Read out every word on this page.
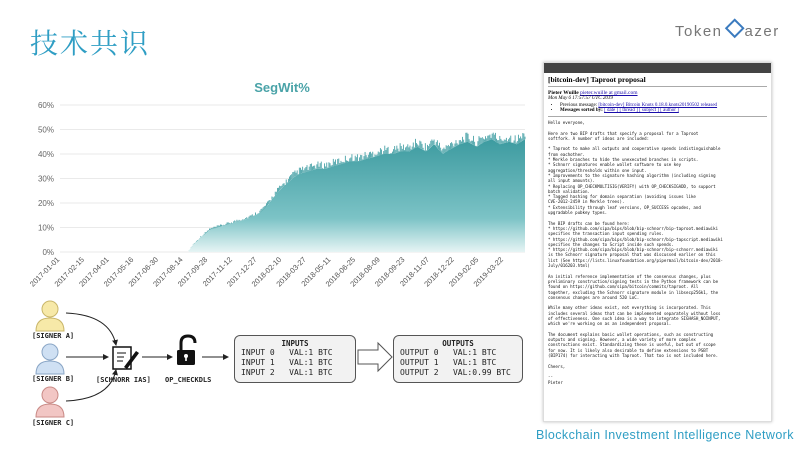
技术共识	Token azer
SegWit%
0%
10%
20%
30%
40%
50%
60%
2017-01-01
2017-02-15
2017-04-01
2017-05-16
2017-06-30
2017-08-14
2017-09-28
2017-11-12
2017-12-27
2018-02-10
2018-03-27
2018-05-11
2018-06-25
2018-08-09
2018-09-23
2018-11-07
2018-12-22
2019-02-05
2019-03-22
[bitcoin-dev] Taproot proposal
Pieter Wuille pieter.wuille at gmail.com
Mon May 6 17:57:57 UTC 2019
• Previous message: [bitcoin-dev] Bitcoin Knots 0.18.0.knots20190502 released
• Messages sorted by: [ date ] [ thread ] [ subject ] [ author ]
Hello everyone,

Here are two BIP drafts that specify a proposal for a Taproot
softfork. A number of ideas are included:

* Taproot to make all outputs and cooperative spends indistinguishable
from eachother.
* Merkle branches to hide the unexecuted branches in scripts.
* Schnorr signatures enable wallet software to use key
aggregation/thresholds within one input.
* Improvements to the signature hashing algorithm (including signing
all input amounts).
* Replacing OP_CHECKMULTISIG(VERIFY) with OP_CHECKSIGADD, to support
batch validation.
* Tagged hashing for domain separation (avoiding issues like
CVE-2012-2459 in Merkle trees).
* Extensibility through leaf versions, OP_SUCCESS opcodes, and
upgradable pubkey types.

The BIP drafts can be found here:
* https://github.com/sipa/bips/blob/bip-schnorr/bip-taproot.mediawiki
specifies the transaction input spending rules.
* https://github.com/sipa/bips/blob/bip-schnorr/bip-tapscript.mediawiki
specifies the changes to Script inside such spends.
* https://github.com/sipa/bips/blob/bip-schnorr/bip-schnorr.mediawiki
is the Schnorr signature proposal that was discussed earlier on this
list (See https://lists.linuxfoundation.org/pipermail/bitcoin-dev/2018-
July/016203.html)

An initial reference implementation of the consensus changes, plus
preliminary construction/signing tests in the Python framework can be
found on https://github.com/sipa/bitcoin/commits/taproot. All
together, excluding the Schnorr signature module in libsecp256k1, the
consensus changes are around 520 LoC.

While many other ideas exist, not everything is incorporated. This
includes several ideas that can be implemented separately without loss
of effectiveness. One such idea is a way to integrate SIGHASH_NOINPUT,
which we're working on as an independent proposal.

The document explains basic wallet operations, such as constructing
outputs and signing. However, a wide variety of more complex
constructions exist. Standardizing these is useful, but out of scope
for now. It is likely also desirable to define extensions to PSBT
(BIP174) for interacting with Taproot. That too is not included here.

Cheers,

--
Pieter
[SIGNER A]
[SIGNER B]
[SIGNER C]
[SCHNORR IAS] OP_CHECKDLS
INPUTS
INPUT 0   VAL:1 BTC
INPUT 1   VAL:1 BTC
INPUT 2   VAL:1 BTC
OUTPUTS
OUTPUT 0   VAL:1 BTC
OUTPUT 1   VAL:1 BTC
OUTPUT 2   VAL:0.99 BTC
Blockchain Investment Intelligence Network
